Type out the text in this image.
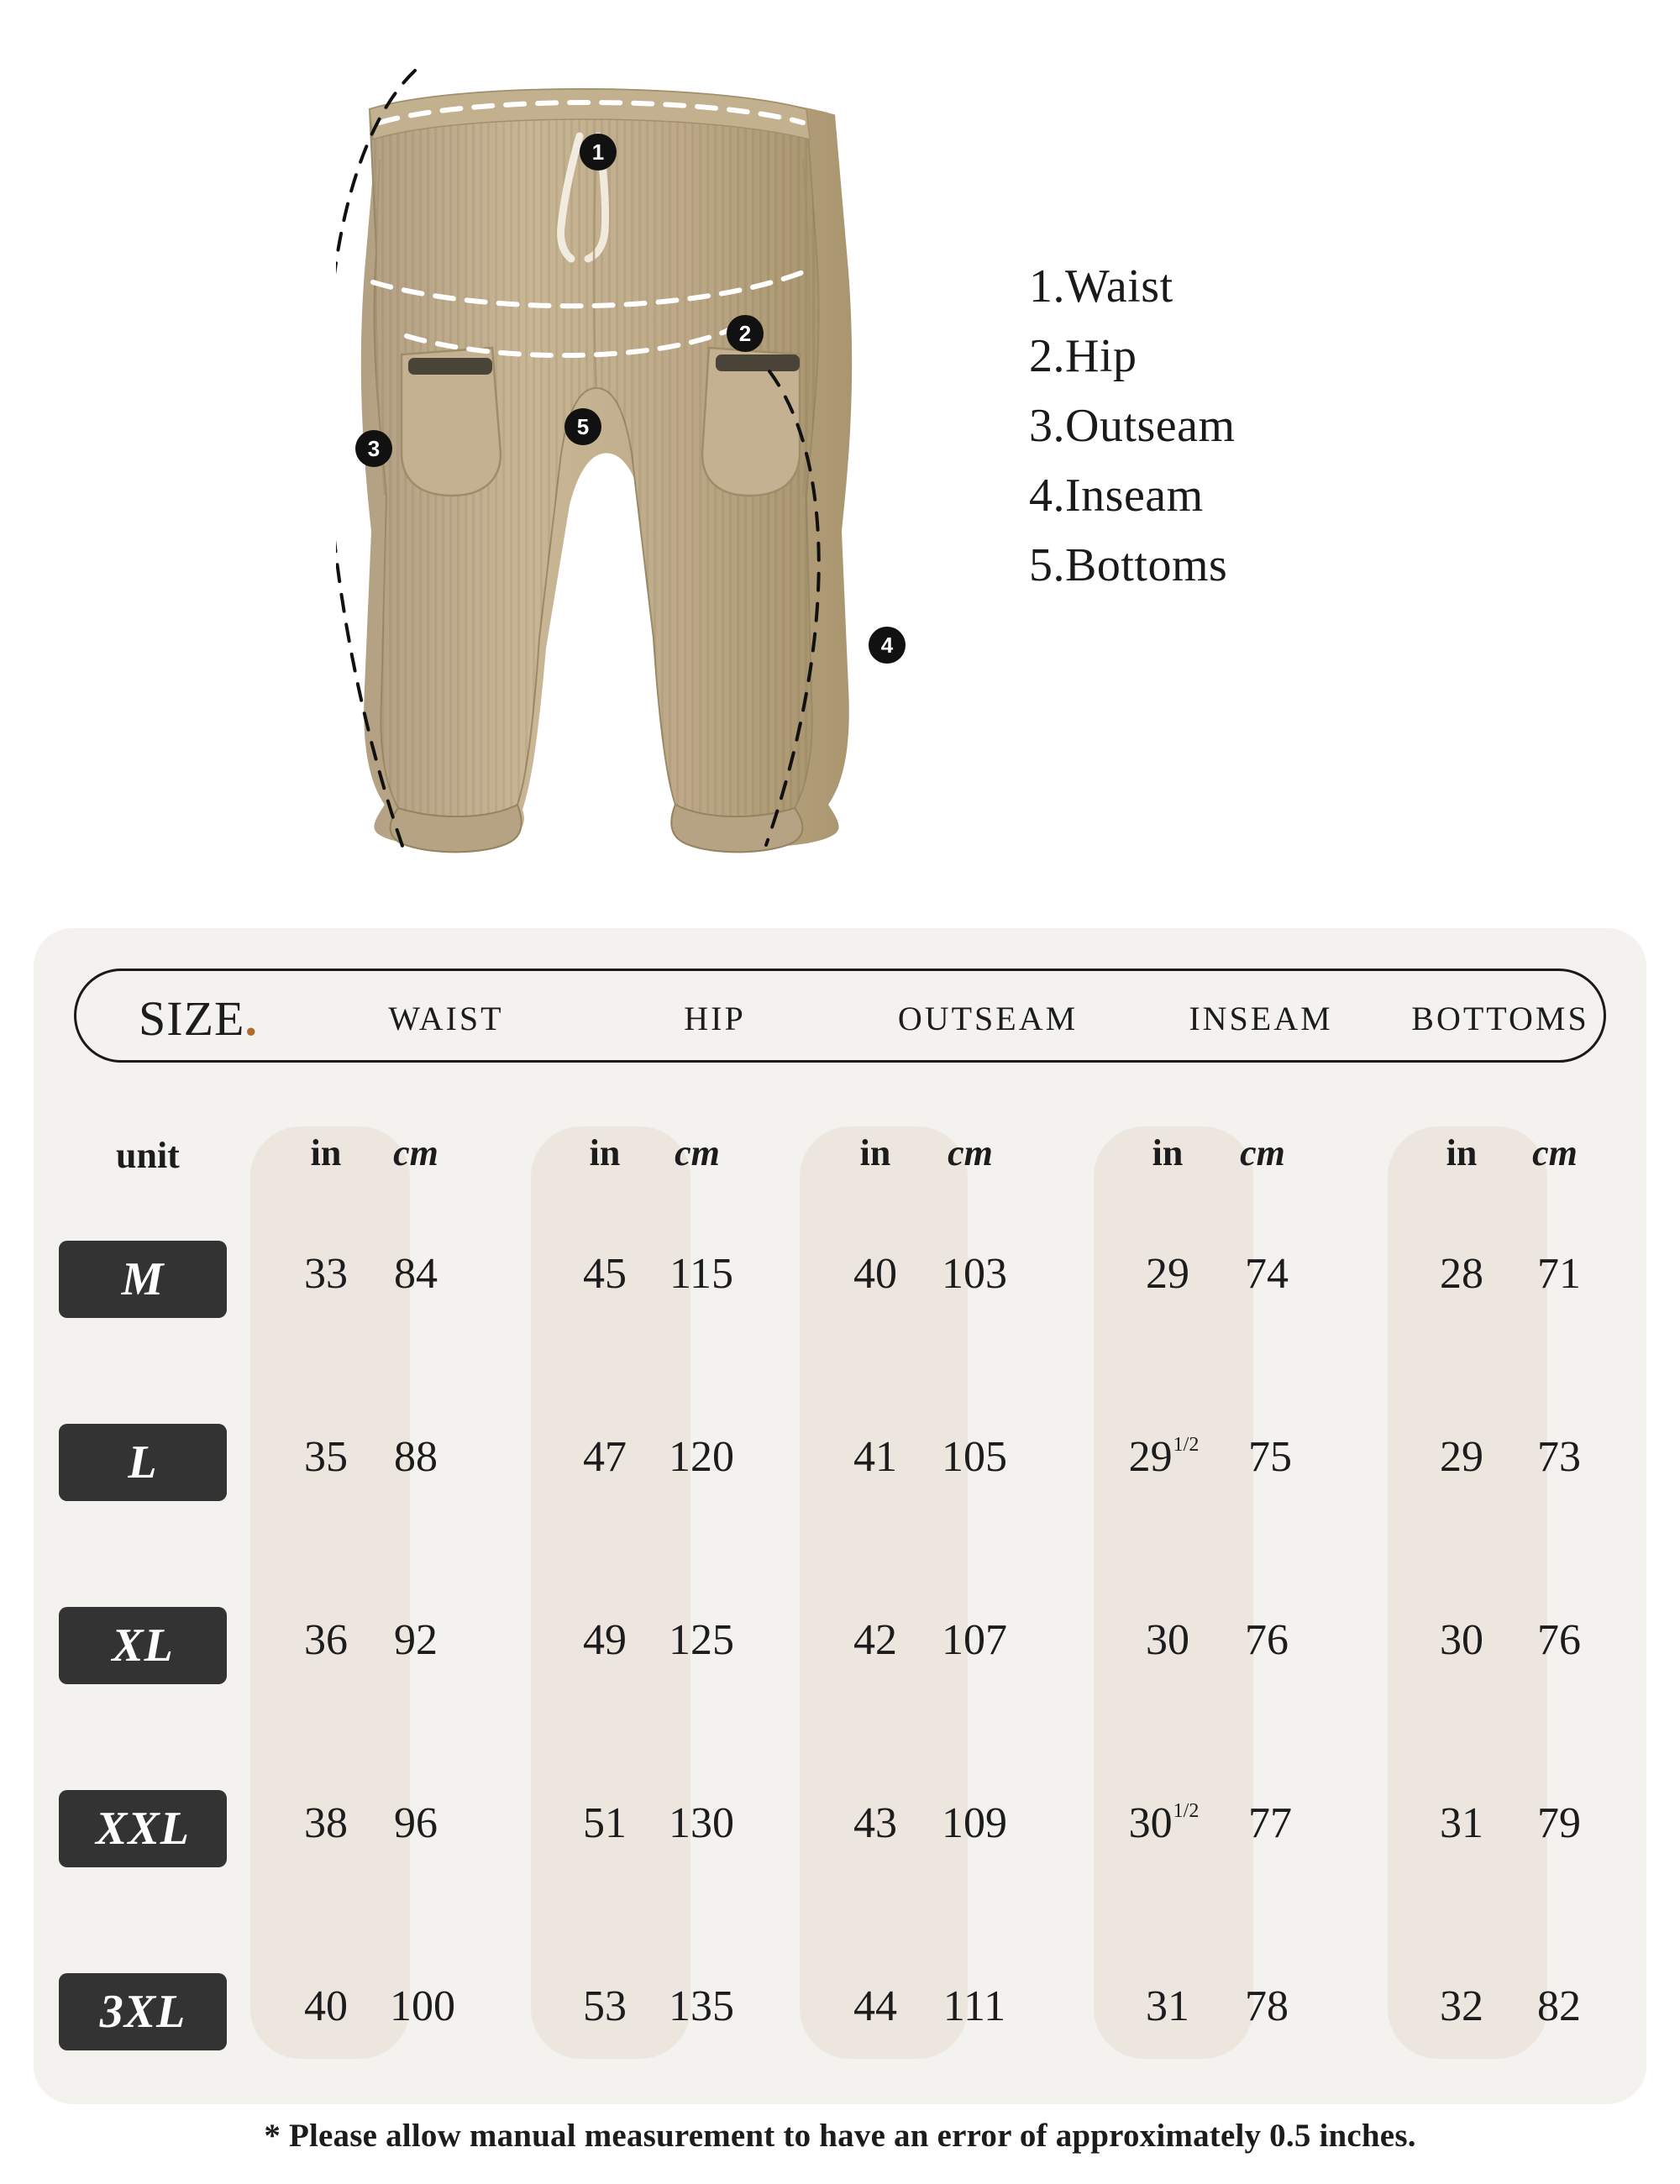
1
2
3
4
5
1.Waist
2.Hip
3.Outseam
4.Inseam
5.Bottoms
SIZE .	WAIST	HIP	OUTSEAM	INSEAM	BOTTOMS
unit	in	cm	in	cm	in	cm	in	cm	in	cm
M	33	84	45 115	40	103	29	74	28	71
L	35	88	47 120	41	105	$29^{1/2}$	75	29	73
XL	36	92	49 125	42	107	30	76	30	76
XXL	38	96	51 130	43	109	$30^{1/2}$	77	31	79
3XL	40 100	53 135	44	111	31	78	32	82
* Please allow manual measurement to have an error of approximately 0.5 inches.
